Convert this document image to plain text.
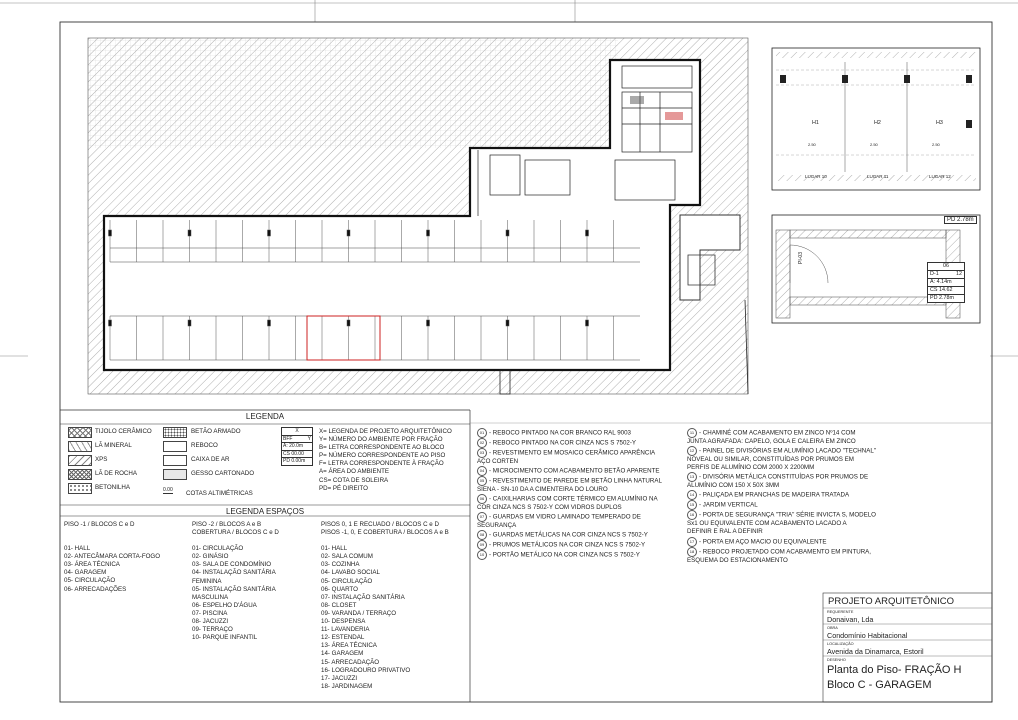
H1	H2	H3
2.50	2.50	2.50
LUGAR 10	LUGAR 11	LUGAR 12
PD 2.78m
PI-03
06
D-1	12
A: 4.14m
CS 14.62
PD 2.78m
LEGENDA
TIJOLO CERÂMICO
LÃ MINERAL
XPS
LÃ DE ROCHA
BETONILHA	0.00
BETÃO ARMADO
REBOCO
CAIXA DE AR
GESSO CARTONADO
COTAS ALTIMÉTRICAS
X
BFF	Y
A: 20.0m
CS 00.00
PD 0.00m
X= LEGENDA DE PROJETO ARQUITETÔNICO
Y= NÚMERO DO AMBIENTE POR FRAÇÃO
B= LETRA CORRESPONDENTE AO BLOCO
P= NÚMERO CORRESPONDENTE AO PISO
F= LETRA CORRESPONDENTE À FRAÇÃO
A= ÁREA DO AMBIENTE
CS= COTA DE SOLEIRA
PD= PÉ DIREITO
LEGENDA ESPAÇOS
PISO -1 / BLOCOS C e D
01- HALL
02- ANTECÂMARA CORTA-FOGO
03- ÁREA TÉCNICA
04- GARAGEM
05- CIRCULAÇÃO
06- ARRECADAÇÕES
PISO -2 / BLOCOS A e B
COBERTURA / BLOCOS C e D
01- CIRCULAÇÃO
02- GINÁSIO
03- SALA DE CONDOMÍNIO
04- INSTALAÇÃO SANITÁRIA
FEMININA
05- INSTALAÇÃO SANITÁRIA
MASCULINA
06- ESPELHO D'ÁGUA
07- PISCINA
08- JACUZZI
09- TERRAÇO
10- PARQUE INFANTIL
PISOS 0, 1 E RECUADO / BLOCOS C e D
PISOS -1, 0, E COBERTURA / BLOCOS A e B
01- HALL
02- SALA COMUM
03- COZINHA
04- LAVABO SOCIAL
05- CIRCULAÇÃO
06- QUARTO
07- INSTALAÇÃO SANITÁRIA
08- CLOSET
09- VARANDA / TERRAÇO
10- DESPENSA
11- LAVANDERIA
12- ESTENDAL
13- ÁREA TÉCNICA
14- GARAGEM
15- ARRECADAÇÃO
16- LOGRADOURO PRIVATIVO
17- JACUZZI
18- JARDINAGEM
01 - REBOCO PINTADO NA COR BRANCO RAL 9003
02 - REBOCO PINTADO NA COR CINZA NCS S 7502-Y
03 - REVESTIMENTO EM MOSAICO CERÂMICO APARÊNCIA
AÇO CORTEN
04 - MICROCIMENTO COM ACABAMENTO BETÃO APARENTE
05 - REVESTIMENTO DE PAREDE EM BETÃO LINHA NATURAL
SIENA - SN-10 DA A CIMENTEIRA DO LOURO
06 - CAIXILHARIAS COM CORTE TÉRMICO EM ALUMÍNIO NA
COR CINZA NCS S 7502-Y COM VIDROS DUPLOS
07 - GUARDAS EM VIDRO LAMINADO TEMPERADO DE
SEGURANÇA
08 - GUARDAS METÁLICAS NA COR CINZA NCS S 7502-Y
09 - PRUMOS METÁLICOS NA COR CINZA NCS S 7502-Y
10 - PORTÃO METÁLICO NA COR CINZA NCS S 7502-Y
11 - CHAMINÉ COM ACABAMENTO EM ZINCO Nº14 COM
JUNTA AGRAFADA: CAPELO, GOLA E CALEIRA EM ZINCO
12 - PAINEL DE DIVISÓRIAS EM ALUMÍNIO LACADO "TECHNAL"
NOVEAL OU SIMILAR, CONSTITUÍDAS POR PRUMOS EM
PERFIS DE ALUMÍNIO COM 2000 X 2200MM
13 - DIVISÓRIA METÁLICA CONSTITUÍDAS POR PRUMOS DE
ALUMÍNIO COM 150 X 50X 3MM
14 - PALIÇADA EM PRANCHAS DE MADEIRA TRATADA
15 - JARDIM VERTICAL
16 - PORTA DE SEGURANÇA "TRIA" SÉRIE INVICTA S, MODELO
Sx1 OU EQUIVALENTE COM ACABAMENTO LACADO A
DEFINIR E RAL A DEFINIR
17 - PORTA EM AÇO MACIO OU EQUIVALENTE
18 - REBOCO PROJETADO COM ACABAMENTO EM PINTURA,
ESQUEMA DO ESTACIONAMENTO
PROJETO ARQUITETÔNICO
REQUERENTE
Donaivan, Lda
OBRA
Condomínio Habitacional
LOCALIZAÇÃO
Avenida da Dinamarca, Estoril
DESENHO
Planta do Piso- FRAÇÃO H
Bloco C - GARAGEM
